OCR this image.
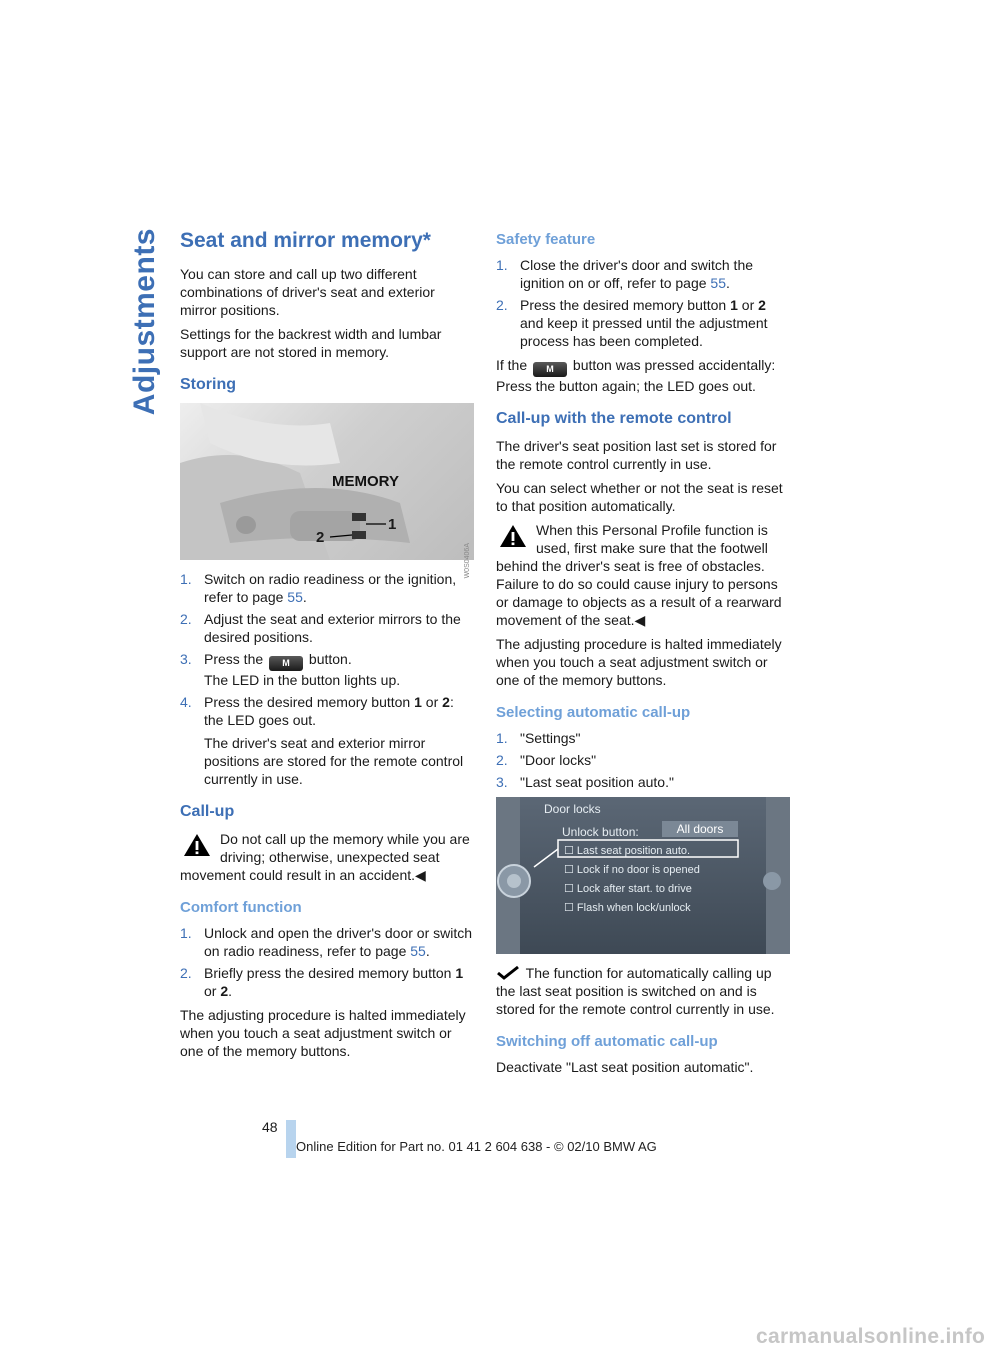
Adjustments Seat and mirror memory*

You can store and call up two different combinations of driver's seat and exterior mirror positions.

Settings for the backrest width and lumbar support are not stored in memory.

Storing
MEMORY
1
2
W0S0406A
1. Switch on radio readiness or the ignition, refer to page 55.
2. Adjust the seat and exterior mirrors to the desired positions.
3. Press the M button.
The LED in the button lights up.
4. Press the desired memory button 1 or 2:
the LED goes out.
The driver's seat and exterior mirror positions are stored for the remote control currently in use.
Call-up
Do not call up the memory while you are driving; otherwise, unexpected seat movement could result in an accident.◀
Comfort function
1. Unlock and open the driver's door or switch on radio readiness, refer to page 55.
2. Briefly press the desired memory button 1 or 2.

The adjusting procedure is halted immediately when you touch a seat adjustment switch or one of the memory buttons.

Safety feature
1. Close the driver's door and switch the ignition on or off, refer to page 55.
2. Press the desired memory button 1 or 2 and keep it pressed until the adjustment process has been completed.

If the M button was pressed accidentally: Press the button again; the LED goes out.

Call-up with the remote control

The driver's seat position last set is stored for the remote control currently in use.

You can select whether or not the seat is reset to that position automatically.

When this Personal Profile function is used, first make sure that the footwell behind the driver's seat is free of obstacles. Failure to do so could cause injury to persons or damage to objects as a result of a rearward movement of the seat.◀

The adjusting procedure is halted immediately when you touch a seat adjustment switch or one of the memory buttons.

Selecting automatic call-up
1. "Settings"
2. "Door locks"
3. "Last seat position auto."
Door locks
Unlock button:	All doors
☐ Last seat position auto.
☐ Lock if no door is opened
☐ Lock after start. to drive
☐ Flash when lock/unlock

The function for automatically calling up the last seat position is switched on and is stored for the remote control currently in use.

Switching off automatic call-up

Deactivate "Last seat position automatic".

48
Online Edition for Part no. 01 41 2 604 638 - © 02/10 BMW AG
carmanualsonline.info
